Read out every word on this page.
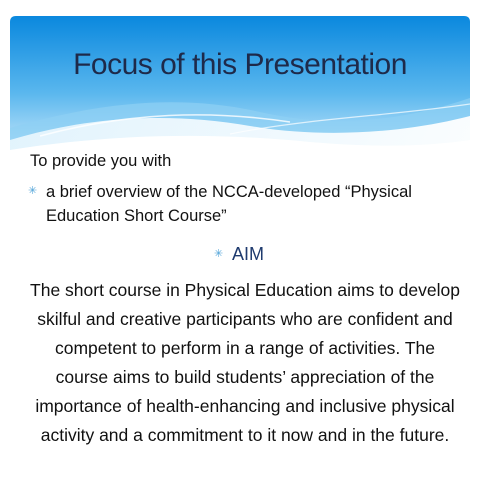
Focus of this Presentation

To provide you with

✳ a brief overview of the NCCA-developed “Physical Education Short Course”
✳ AIM

The short course in Physical Education aims to develop skilful and creative participants who are confident and competent to perform in a range of activities. The course aims to build students’ appreciation of the importance of health-enhancing and inclusive physical activity and a commitment to it now and in the future.
